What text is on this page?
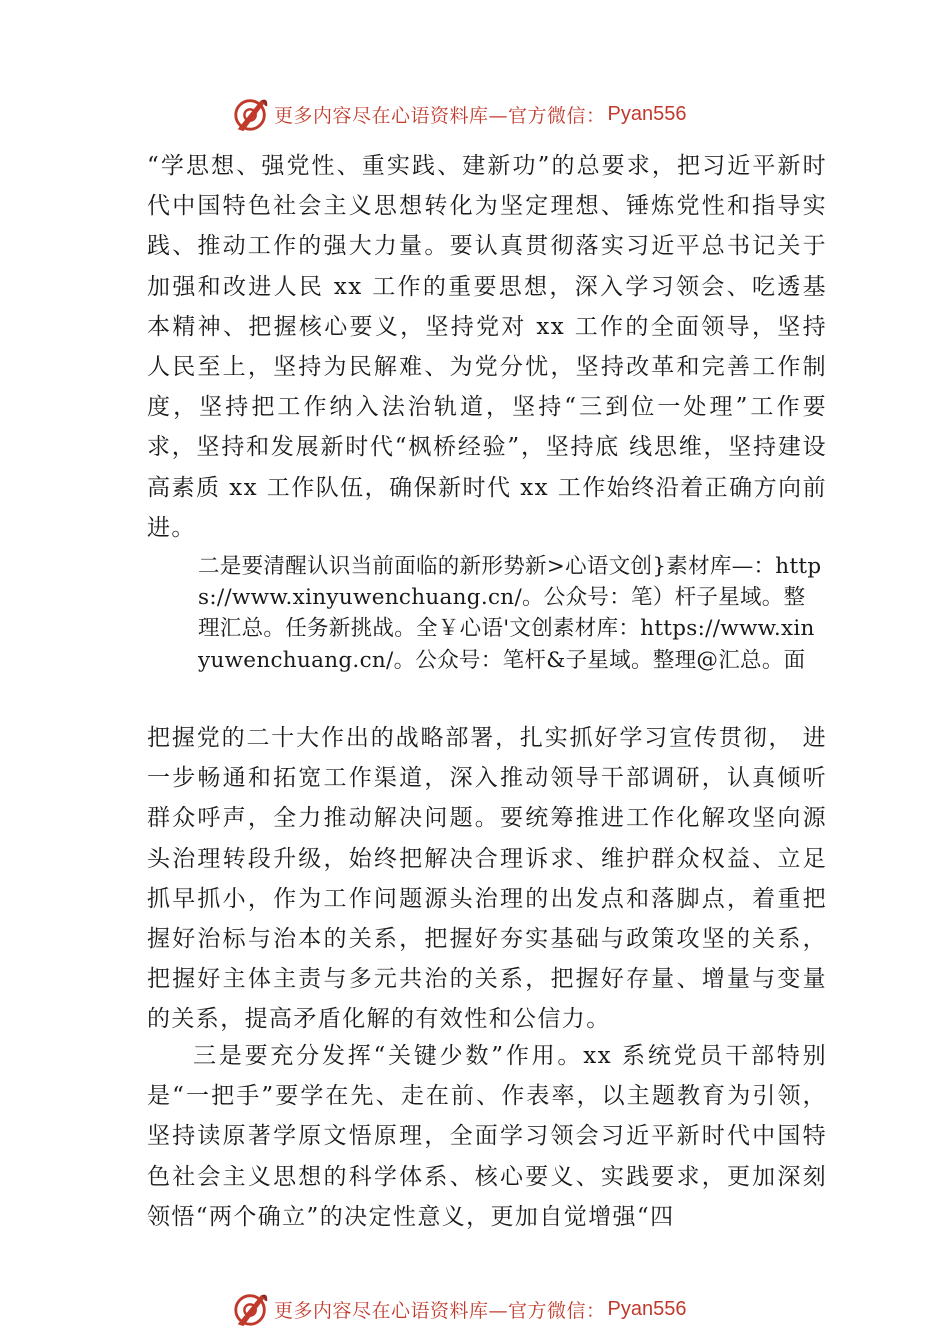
更多内容尽在心语资料库—官方微信： Pyan556

“学思想、强党性、重实践、建新功”的总要求，把习近平新时代中国特色社会主义思想转化为坚定理想、锤炼党性和指导实践、推动工作的强大力量。要认真贯彻落实习近平总书记关于加强和改进人民 xx 工作的重要思想，深入学习领会、吃透基本精神、把握核心要义，坚持党对 xx 工作的全面领导，坚持人民至上，坚持为民解难、为党分忧，坚持改革和完善工作制度，坚持把工作纳入法治轨道，坚持“三到位一处理”工作要求，坚持和发展新时代“枫桥经验”，坚持底 线思维，坚持建设高素质 xx 工作队伍，确保新时代 xx 工作始终沿着正确方向前进。

二是要清醒认识当前面临的新形势新>心语文创}素材库—：https://www.xinyuwenchuang.cn/。公众号：笔）杆子星域。整理汇总。任务新挑战。全￥心语'文创素材库：https://www.xinyuwenchuang.cn/。公众号：笔杆&子星域。整理@汇总。面

把握党的二十大作出的战略部署，扎实抓好学习宣传贯彻， 进一步畅通和拓宽工作渠道，深入推动领导干部调研，认真倾听群众呼声，全力推动解决问题。要统筹推进工作化解攻坚向源头治理转段升级，始终把解决合理诉求、维护群众权益、立足抓早抓小，作为工作问题源头治理的出发点和落脚点，着重把握好治标与治本的关系，把握好夯实基础与政策攻坚的关系，把握好主体主责与多元共治的关系，把握好存量、增量与变量的关系，提高矛盾化解的有效性和公信力。

三是要充分发挥“关键少数”作用。xx 系统党员干部特别是“一把手”要学在先、走在前、作表率，以主题教育为引领，坚持读原著学原文悟原理，全面学习领会习近平新时代中国特色社会主义思想的科学体系、核心要义、实践要求，更加深刻领悟“两个确立”的决定性意义，更加自觉增强“四

更多内容尽在心语资料库—官方微信： Pyan556
